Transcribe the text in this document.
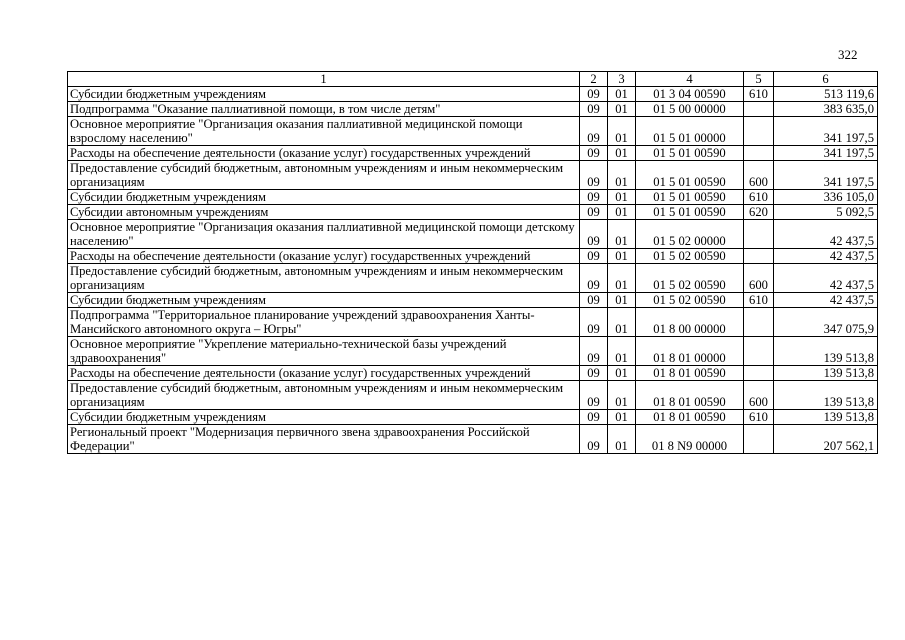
322
1	2	3	4	5	6
Субсидии бюджетным учреждениям	09	01	01 3 04 00590	610	513 119,6
Подпрограмма "Оказание паллиативной помощи, в том числе детям"	09	01	01 5 00 00000		383 635,0
Основное мероприятие "Организация оказания паллиативной медицинской помощи взрослому населению"	09	01	01 5 01 00000		341 197,5
Расходы на обеспечение деятельности (оказание услуг) государственных учреждений	09	01	01 5 01 00590		341 197,5
Предоставление субсидий бюджетным, автономным учреждениям и иным некоммерческим организациям	09	01	01 5 01 00590	600	341 197,5
Субсидии бюджетным учреждениям	09	01	01 5 01 00590	610	336 105,0
Субсидии автономным учреждениям	09	01	01 5 01 00590	620	5 092,5
Основное мероприятие "Организация оказания паллиативной медицинской помощи детскому населению"	09	01	01 5 02 00000		42 437,5
Расходы на обеспечение деятельности (оказание услуг) государственных учреждений	09	01	01 5 02 00590		42 437,5
Предоставление субсидий бюджетным, автономным учреждениям и иным некоммерческим организациям	09	01	01 5 02 00590	600	42 437,5
Субсидии бюджетным учреждениям	09	01	01 5 02 00590	610	42 437,5
Подпрограмма "Территориальное планирование учреждений здравоохранения Ханты-Мансийского автономного округа – Югры"	09	01	01 8 00 00000		347 075,9
Основное мероприятие "Укрепление материально-технической базы учреждений здравоохранения"	09	01	01 8 01 00000		139 513,8
Расходы на обеспечение деятельности (оказание услуг) государственных учреждений	09	01	01 8 01 00590		139 513,8
Предоставление субсидий бюджетным, автономным учреждениям и иным некоммерческим организациям	09	01	01 8 01 00590	600	139 513,8
Субсидии бюджетным учреждениям	09	01	01 8 01 00590	610	139 513,8
Региональный проект "Модернизация первичного звена здравоохранения Российской Федерации"	09	01	01 8 N9 00000		207 562,1
